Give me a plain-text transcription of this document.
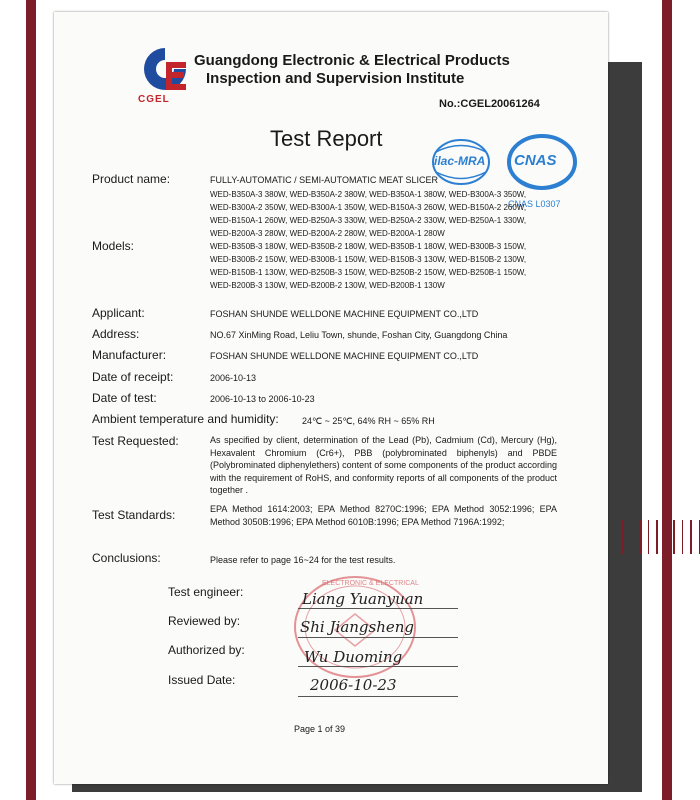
CGEL
Guangdong Electronic & Electrical Products
Inspection and Supervision Institute
No.:CGEL20061264
Test Report
ilac-MRA CNAS
CNAS L0307
Product name:	FULLY-AUTOMATIC / SEMI-AUTOMATIC MEAT SLICER
Models:
WED-B350A-3 380W, WED-B350A-2 380W, WED-B350A-1 380W, WED-B300A-3 350W,
WED-B300A-2 350W, WED-B300A-1 350W, WED-B150A-3 260W, WED-B150A-2 260W,
WED-B150A-1 260W, WED-B250A-3 330W, WED-B250A-2 330W, WED-B250A-1 330W,
WED-B200A-3 280W, WED-B200A-2 280W, WED-B200A-1 280W
WED-B350B-3 180W, WED-B350B-2 180W, WED-B350B-1 180W, WED-B300B-3 150W,
WED-B300B-2 150W, WED-B300B-1 150W, WED-B150B-3 130W, WED-B150B-2 130W,
WED-B150B-1 130W, WED-B250B-3 150W, WED-B250B-2 150W, WED-B250B-1 150W,
WED-B200B-3 130W, WED-B200B-2 130W, WED-B200B-1 130W
Applicant:	FOSHAN SHUNDE WELLDONE MACHINE EQUIPMENT CO.,LTD
Address:	NO.67 XinMing Road, Leliu Town, shunde, Foshan City, Guangdong China
Manufacturer:	FOSHAN SHUNDE WELLDONE MACHINE EQUIPMENT CO.,LTD
Date of receipt:	2006-10-13
Date of test:	2006-10-13 to 2006-10-23
Ambient temperature and humidity:	24℃ ~ 25℃, 64% RH ~ 65% RH
Test Requested:	As specified by client, determination of the Lead (Pb), Cadmium (Cd), Mercury (Hg), Hexavalent Chromium (Cr6+), PBB (polybrominated biphenyls) and PBDE (Polybrominated diphenylethers) content of some components of the product according with the requirement of RoHS, and conformity reports of all components of the product together .
Test Standards:	EPA Method 1614:2003; EPA Method 8270C:1996; EPA Method 3052:1996; EPA Method 3050B:1996; EPA Method 6010B:1996; EPA Method 7196A:1992;
Conclusions:	Please refer to page 16~24 for the test results.
ELECTRONIC & ELECTRICAL
Test engineer:	Liang Yuanyuan
Reviewed by:	Shi Jiangsheng
Authorized by:	Wu Duoming
Issued Date:	2006-10-23
Page 1 of 39
